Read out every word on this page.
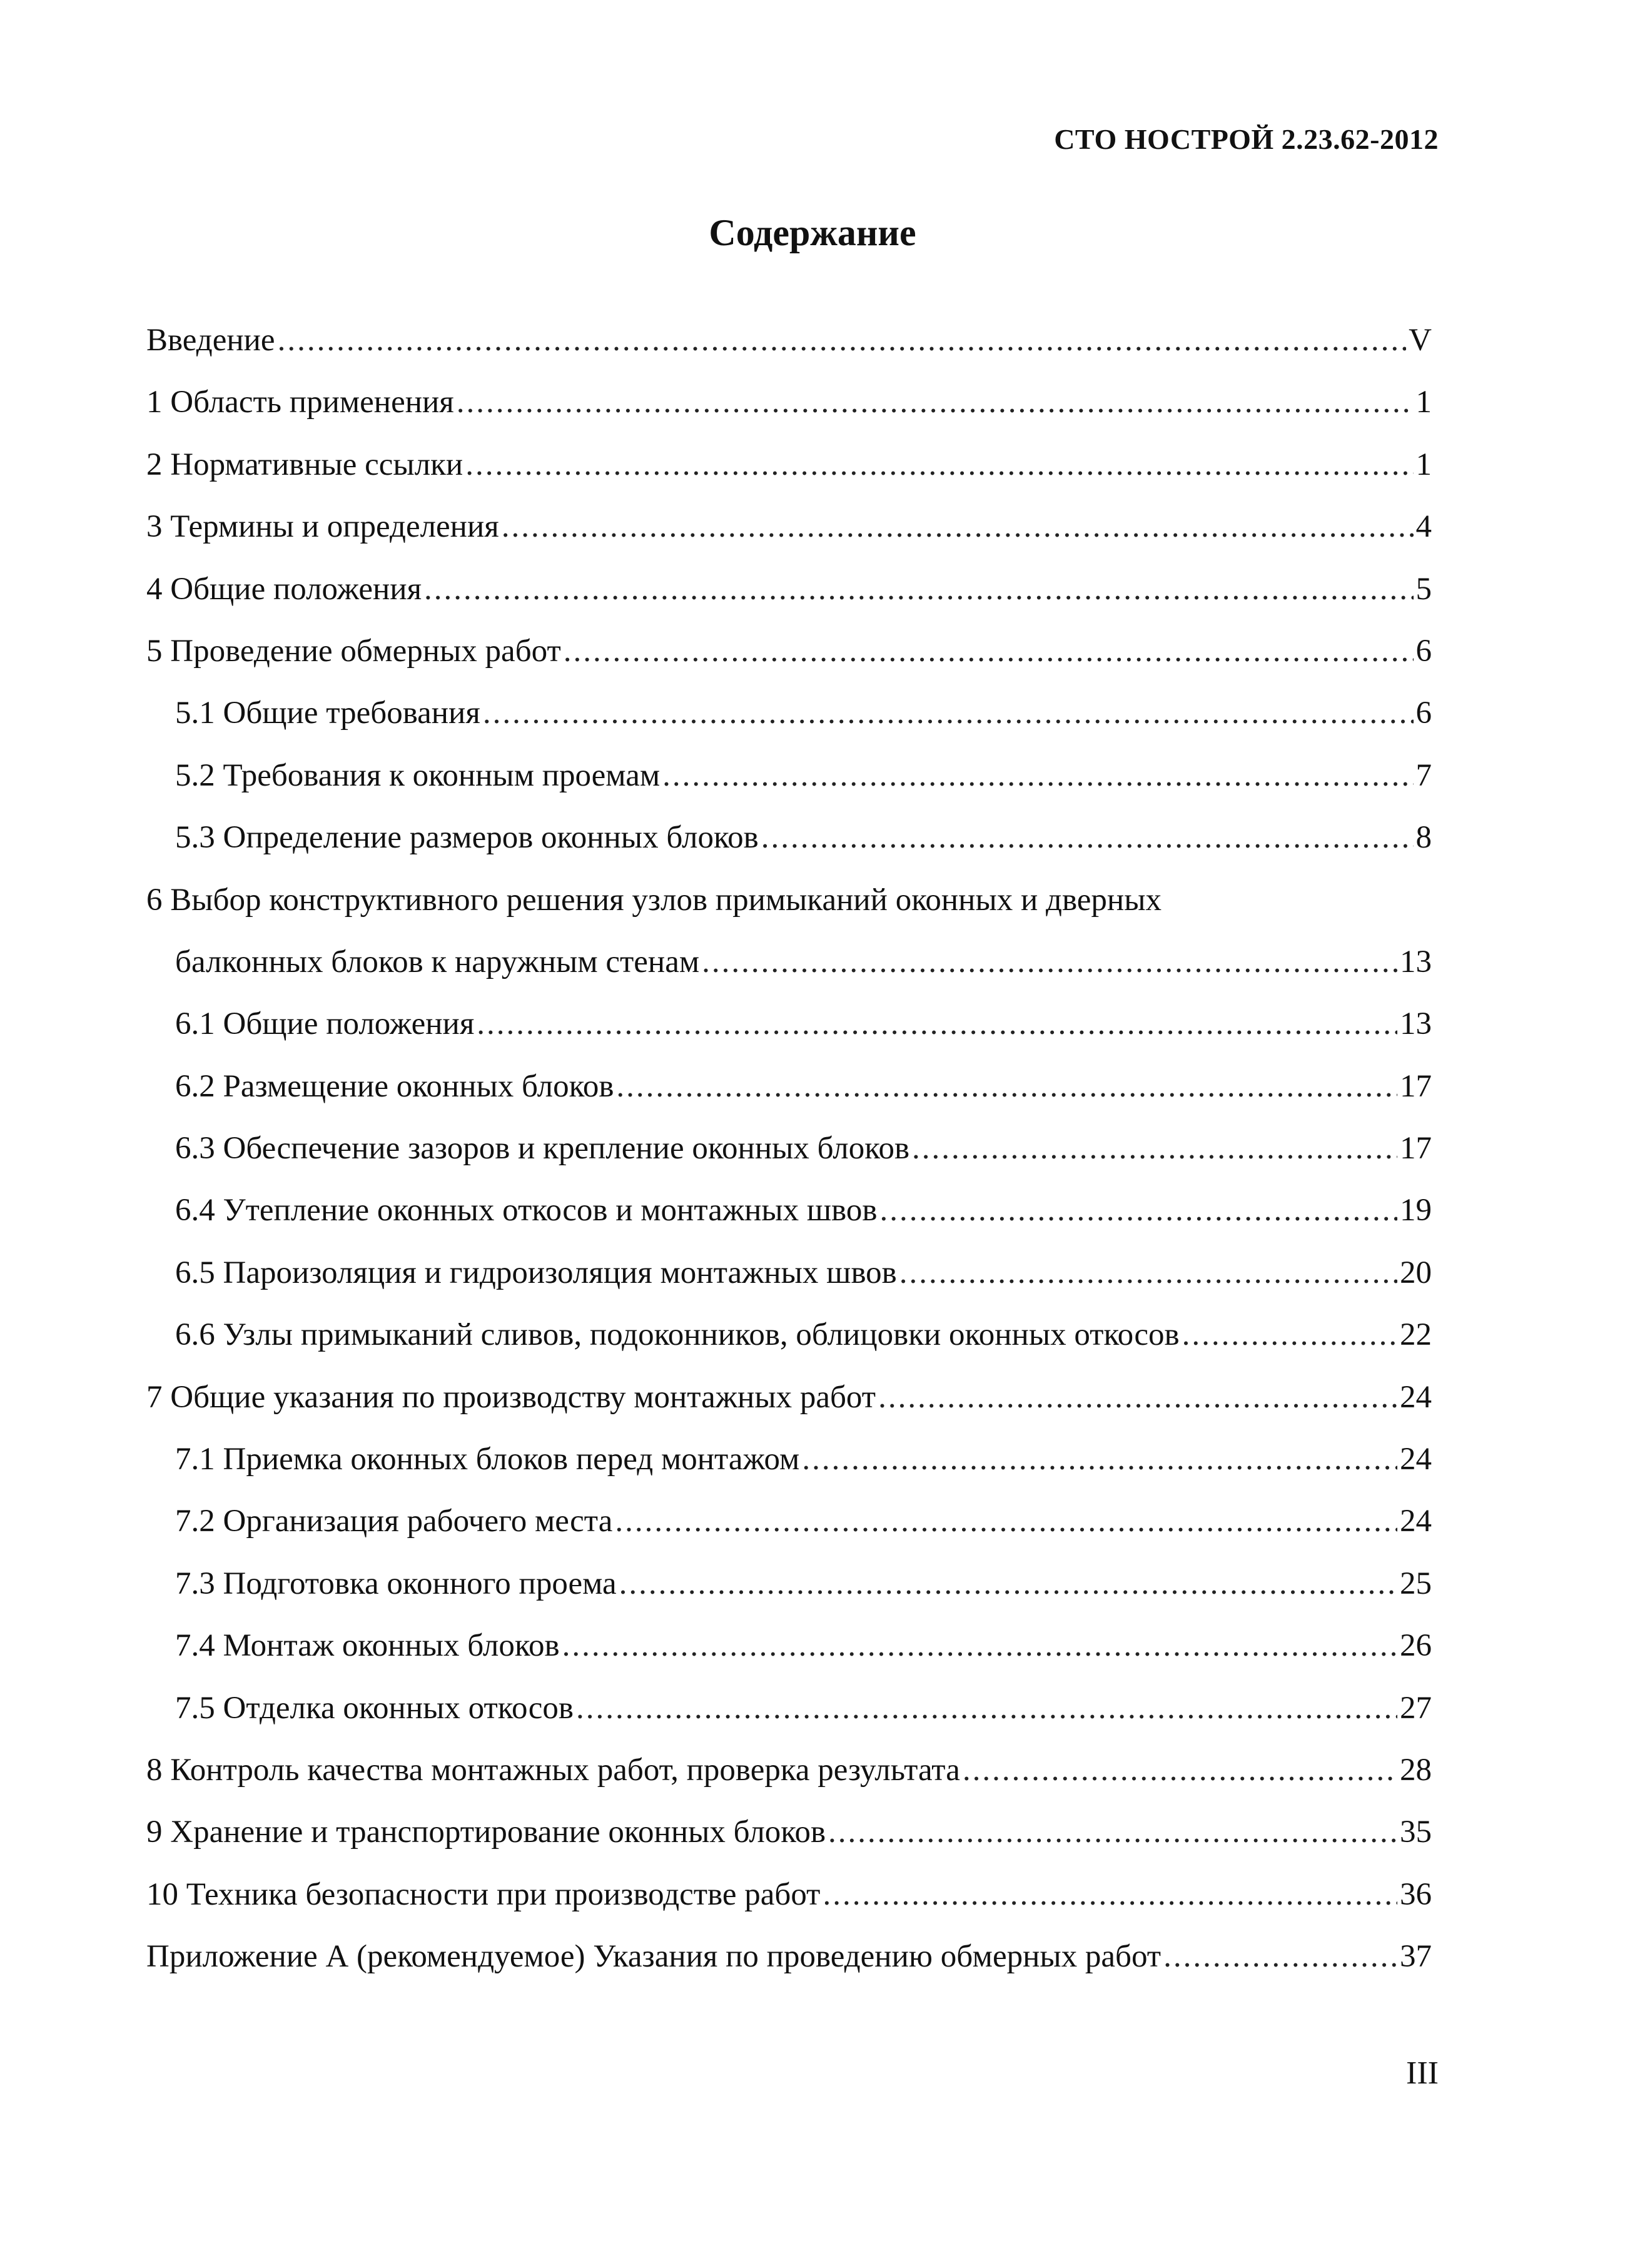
СТО НОСТРОЙ 2.23.62-2012
Содержание
Введение .....	V
1 Область применения .....	1
2 Нормативные ссылки .....	1
3 Термины и определения .....	4
4 Общие положения .....	5
5 Проведение обмерных работ .....	6
5.1 Общие требования .....	6
5.2 Требования к оконным проемам .....	7
5.3 Определение размеров оконных блоков .....	8
6 Выбор конструктивного решения узлов примыканий оконных и дверных
балконных блоков к наружным стенам .....	13
6.1 Общие положения .....	13
6.2 Размещение оконных блоков .....	17
6.3 Обеспечение зазоров и крепление оконных блоков .....	17
6.4 Утепление оконных откосов и монтажных швов .....	19
6.5 Пароизоляция и гидроизоляция монтажных швов .....	20
6.6 Узлы примыканий сливов, подоконников, облицовки оконных откосов .....	22
7 Общие указания по производству монтажных работ .....	24
7.1 Приемка оконных блоков перед монтажом .....	24
7.2 Организация рабочего места .....	24
7.3 Подготовка оконного проема .....	25
7.4 Монтаж оконных блоков .....	26
7.5 Отделка оконных откосов .....	27
8 Контроль качества монтажных работ, проверка результата .....	28
9 Хранение и транспортирование оконных блоков .....	35
10 Техника безопасности при производстве работ .....	36
Приложение А (рекомендуемое) Указания по проведению обмерных работ .....	37
III
